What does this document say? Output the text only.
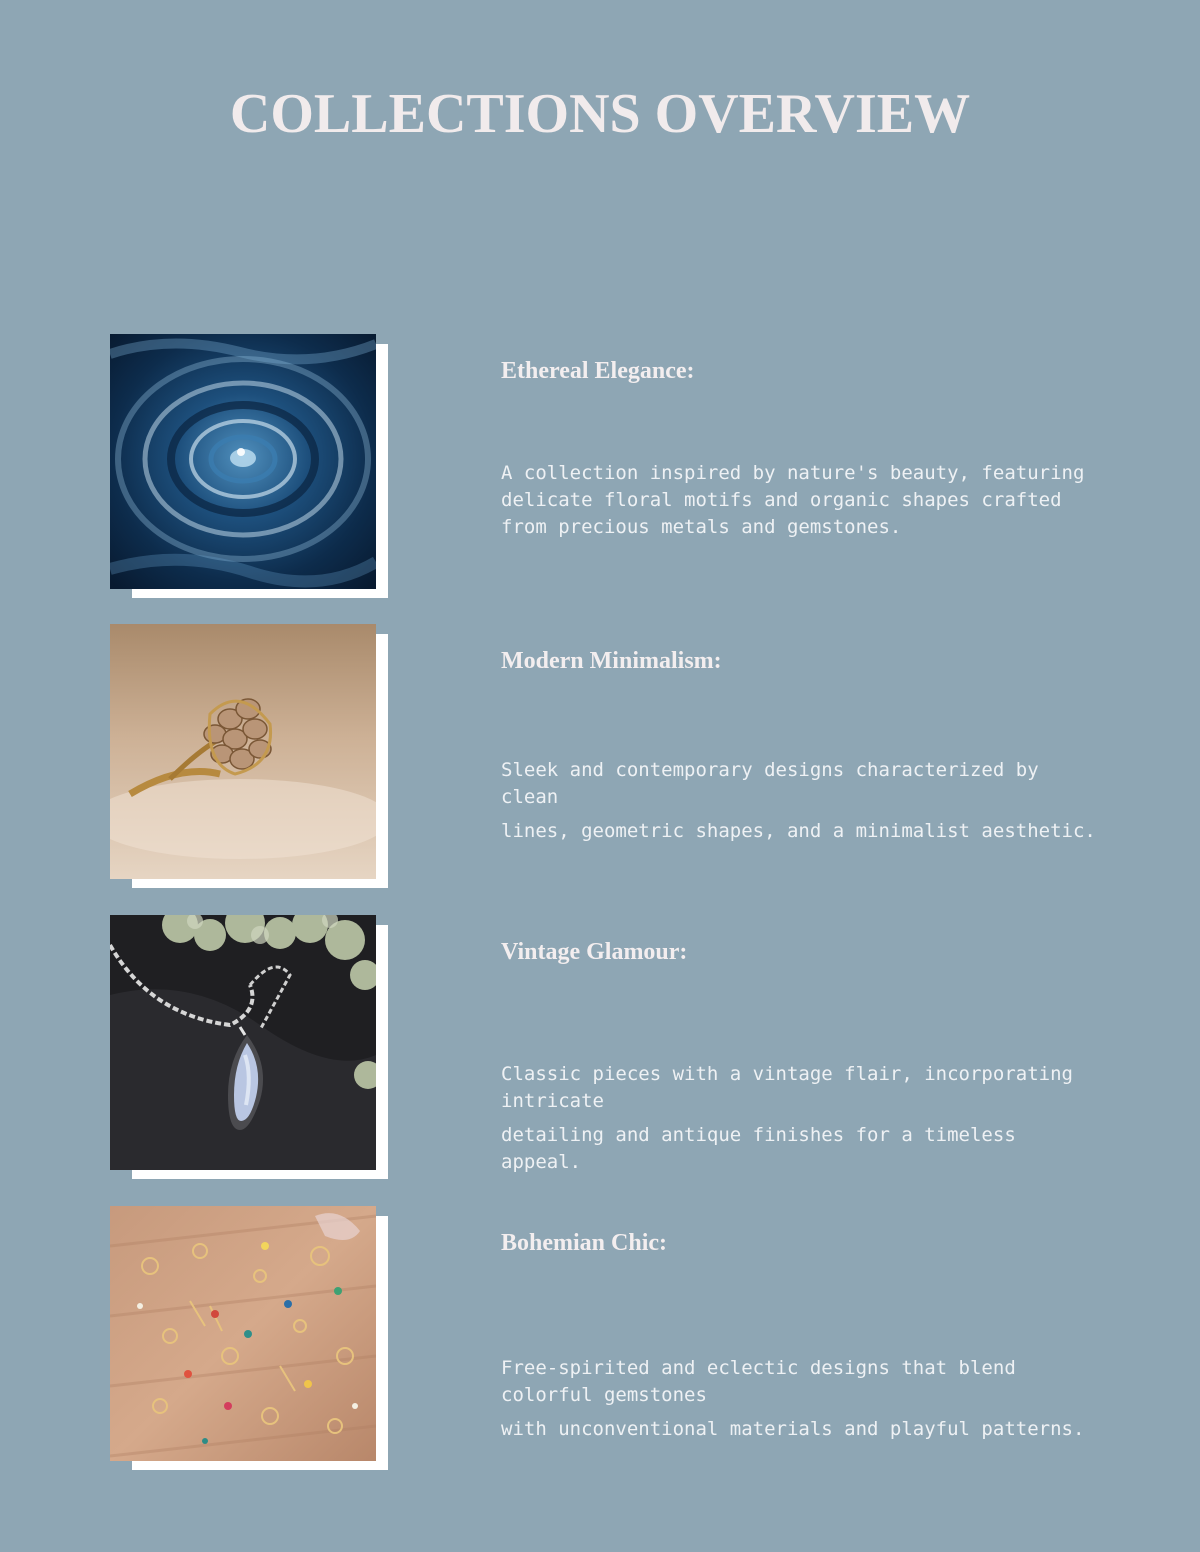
COLLECTIONS OVERVIEW
Ethereal Elegance:

A collection inspired by nature's beauty, featuring delicate floral motifs and organic shapes crafted from precious metals and gemstones.

Modern Minimalism:

Sleek and contemporary designs characterized by clean

lines, geometric shapes, and a minimalist aesthetic.

Vintage Glamour:

Classic pieces with a vintage flair, incorporating intricate

detailing and antique finishes for a timeless appeal.

Bohemian Chic:

Free-spirited and eclectic designs that blend colorful gemstones

with unconventional materials and playful patterns.
